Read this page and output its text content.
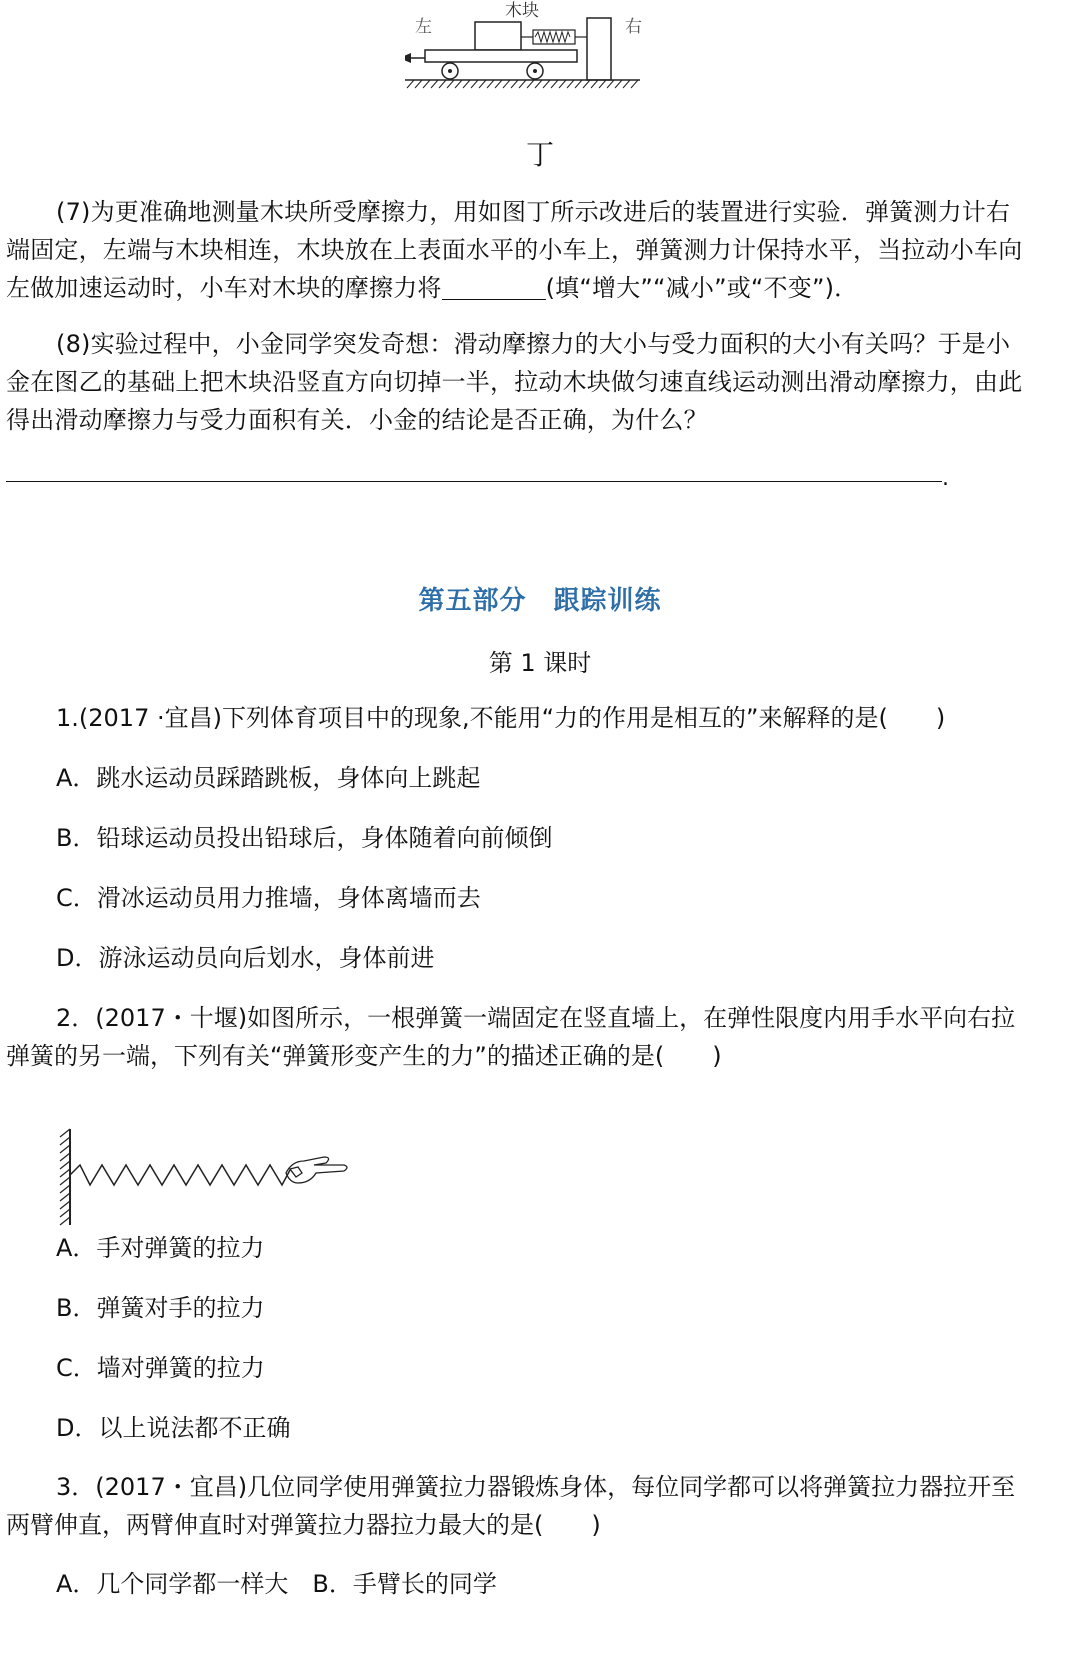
木块
左	右
丁
(7)为更准确地测量木块所受摩擦力，用如图丁所示改进后的装置进行实验．弹簧测力计右端固定，左端与木块相连，木块放在上表面水平的小车上，弹簧测力计保持水平，当拉动小车向左做加速运动时，小车对木块的摩擦力将	(填“增大”“减小”或“不变”)．
(8)实验过程中，小金同学突发奇想：滑动摩擦力的大小与受力面积的大小有关吗？于是小金在图乙的基础上把木块沿竖直方向切掉一半，拉动木块做匀速直线运动测出滑动摩擦力，由此得出滑动摩擦力与受力面积有关．小金的结论是否正确，为什么？
.
第五部分　跟踪训练
第 1 课时
1.(2017 ·宜昌)下列体育项目中的现象,不能用“力的作用是相互的”来解释的是(　　)
A．跳水运动员踩踏跳板，身体向上跳起
B．铅球运动员投出铅球后，身体随着向前倾倒
C．滑冰运动员用力推墙，身体离墙而去
D．游泳运动员向后划水，身体前进
2．(2017・十堰)如图所示，一根弹簧一端固定在竖直墙上，在弹性限度内用手水平向右拉弹簧的另一端，下列有关“弹簧形变产生的力”的描述正确的是(　　)
A．手对弹簧的拉力
B．弹簧对手的拉力
C．墙对弹簧的拉力
D．以上说法都不正确
3．(2017・宜昌)几位同学使用弹簧拉力器锻炼身体，每位同学都可以将弹簧拉力器拉开至两臂伸直，两臂伸直时对弹簧拉力器拉力最大的是(　　)
A．几个同学都一样大　B．手臂长的同学
